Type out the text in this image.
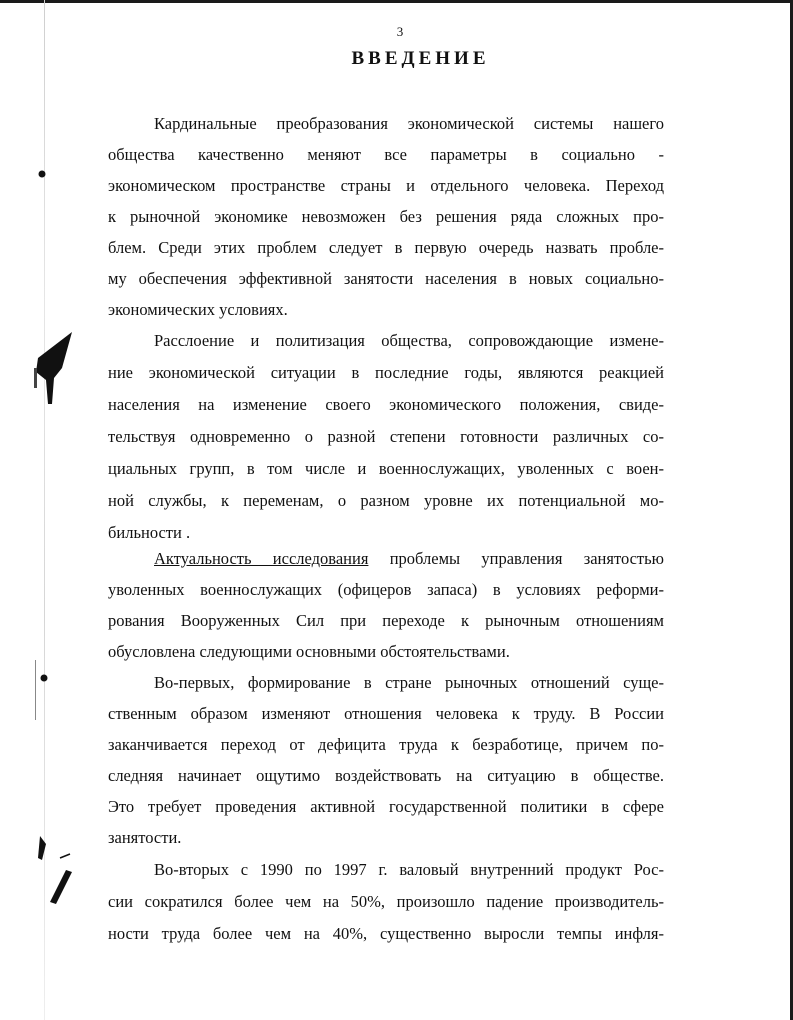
3
ВВЕДЕНИЕ
Кардинальные преобразования экономической системы нашего
общества качественно меняют все параметры в социально -
экономическом пространстве страны и отдельного человека. Переход
к рыночной экономике невозможен без решения ряда сложных про-
блем. Среди этих проблем следует в первую очередь назвать пробле-
му обеспечения эффективной занятости населения в новых социально-
экономических условиях.
Расслоение и политизация общества, сопровождающие измене-
ние экономической ситуации в последние годы, являются реакцией
населения на изменение своего экономического положения, свиде-
тельствуя одновременно о разной степени готовности различных со-
циальных групп, в том числе и военнослужащих, уволенных с воен-
ной службы, к переменам, о разном уровне их потенциальной мо-
бильности .
Актуальность исследования проблемы управления занятостью
уволенных военнослужащих (офицеров запаса) в условиях реформи-
рования Вооруженных Сил при переходе к рыночным отношениям
обусловлена следующими основными обстоятельствами.
Во-первых, формирование в стране рыночных отношений суще-
ственным образом изменяют отношения человека к труду. В России
заканчивается переход от дефицита труда к безработице, причем по-
следняя начинает ощутимо воздействовать на ситуацию в обществе.
Это требует проведения активной государственной политики в сфере
занятости.
Во-вторых с 1990 по 1997 г. валовый внутренний продукт Рос-
сии сократился более чем на 50%, произошло падение производитель-
ности труда более чем на 40%, существенно выросли темпы инфля-
